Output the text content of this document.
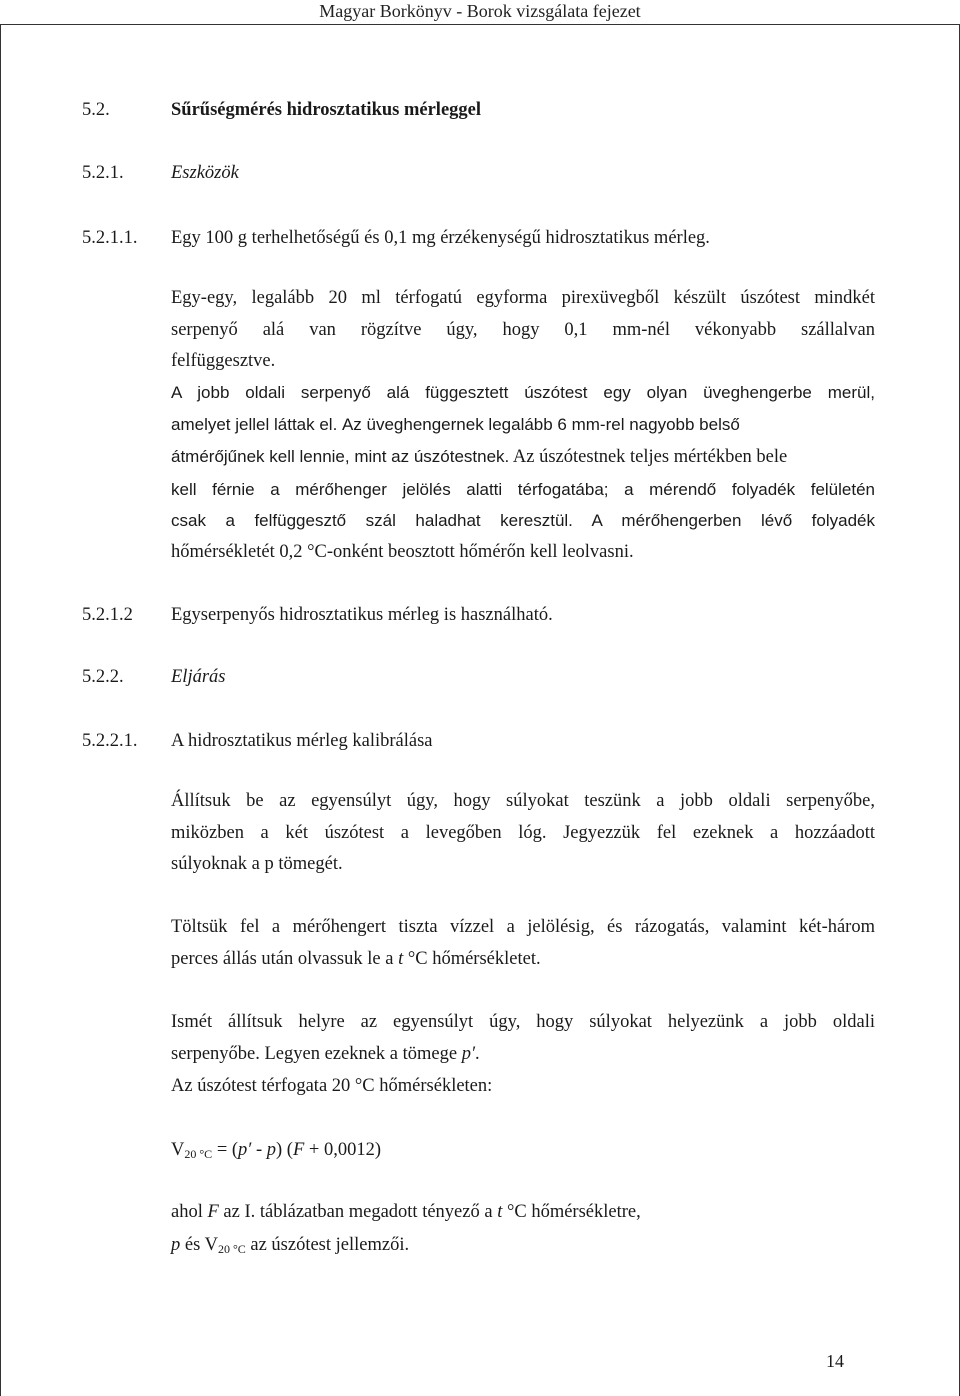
Magyar Borkönyv - Borok vizsgálata fejezet
5.2.	Sűrűségmérés hidrosztatikus mérleggel
5.2.1.	Eszközök
5.2.1.1. Egy 100 g terhelhetőségű és 0,1 mg érzékenységű hidrosztatikus mérleg.
Egy-egy, legalább 20 ml térfogatú egyforma pirexüvegből készült úszótest mindkét
serpenyő alá van rögzítve úgy, hogy 0,1 mm-nél vékonyabb szállalvan
felfüggesztve.
A jobb oldali serpenyő alá függesztett úszótest egy olyan üveghengerbe merül,
amelyet jellel láttak el. Az üveghengernek legalább 6 mm-rel nagyobb belső
átmérőjűnek kell lennie, mint az úszótestnek. Az úszótestnek teljes mértékben bele
kell férnie a mérőhenger jelölés alatti térfogatába; a mérendő folyadék felületén
csak a felfüggesztő szál haladhat keresztül. A mérőhengerben lévő folyadék
hőmérsékletét 0,2 °C-onként beosztott hőmérőn kell leolvasni.
5.2.1.2 Egyserpenyős hidrosztatikus mérleg is használható.
5.2.2.	Eljárás
5.2.2.1. A hidrosztatikus mérleg kalibrálása
Állítsuk be az egyensúlyt úgy, hogy súlyokat teszünk a jobb oldali serpenyőbe,
miközben a két úszótest a levegőben lóg. Jegyezzük fel ezeknek a hozzáadott
súlyoknak a p tömegét.
Töltsük fel a mérőhengert tiszta vízzel a jelölésig, és rázogatás, valamint két-három
perces állás után olvassuk le a t °C hőmérsékletet.
Ismét állítsuk helyre az egyensúlyt úgy, hogy súlyokat helyezünk a jobb oldali
serpenyőbe. Legyen ezeknek a tömege p′.
Az úszótest térfogata 20 °C hőmérsékleten:
$V_{20 ^\circ C} = (p' - p) (F + 0,0012)$
ahol F az I. táblázatban megadott tényező a t °C hőmérsékletre,
p és $V_{20 ^\circ C}$ az úszótest jellemzői.
14
